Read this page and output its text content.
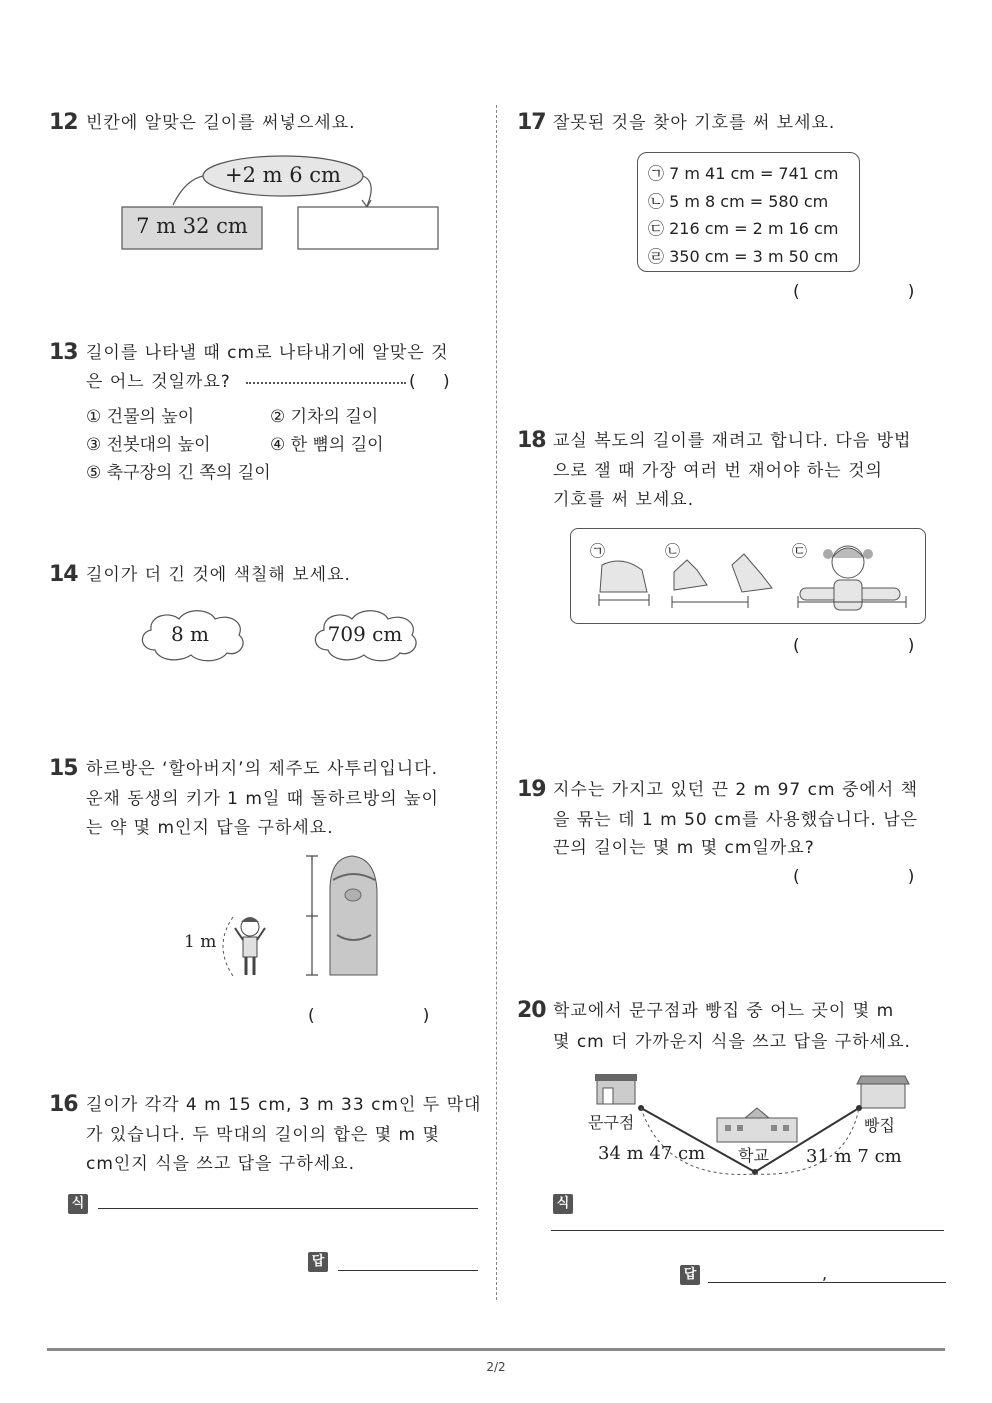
12 빈칸에 알맞은 길이를 써넣으세요.
+2 m 6 cm
7 m 32 cm
13 길이를 나타낼 때 cm로 나타내기에 알맞은 것
은 어느 것일까요?	( )
① 건물의 높이	② 기차의 길이
③ 전봇대의 높이	④ 한 뼘의 길이
⑤ 축구장의 긴 쪽의 길이
14 길이가 더 긴 것에 색칠해 보세요.
8 m	709 cm
15 하르방은 ‘할아버지’의 제주도 사투리입니다.
운재 동생의 키가 1 m일 때 돌하르방의 높이
는 약 몇 m인지 답을 구하세요.
1 m
(                    )
16 길이가 각각 4 m 15 cm, 3 m 33 cm인 두 막대
가 있습니다. 두 막대의 길이의 합은 몇 m 몇
cm인지 식을 쓰고 답을 구하세요.
식
답
17 잘못된 것을 찾아 기호를 써 보세요.
㉠ 7 m 41 cm = 741 cm
㉡ 5 m 8 cm = 580 cm
㉢ 216 cm = 2 m 16 cm
㉣ 350 cm = 3 m 50 cm
(                    )
18 교실 복도의 길이를 재려고 합니다. 다음 방법
으로 잴 때 가장 여러 번 재어야 하는 것의
기호를 써 보세요.
㉠	㉡	㉢
(                    )
19 지수는 가지고 있던 끈 2 m 97 cm 중에서 책
을 묶는 데 1 m 50 cm를 사용했습니다. 남은
끈의 길이는 몇 m 몇 cm일까요?
(                    )
20 학교에서 문구점과 빵집 중 어느 곳이 몇 m
몇 cm 더 가까운지 식을 쓰고 답을 구하세요.
문구점
학교
빵집
34 m 47 cm	31 m 7 cm
식
답	,
2/2
